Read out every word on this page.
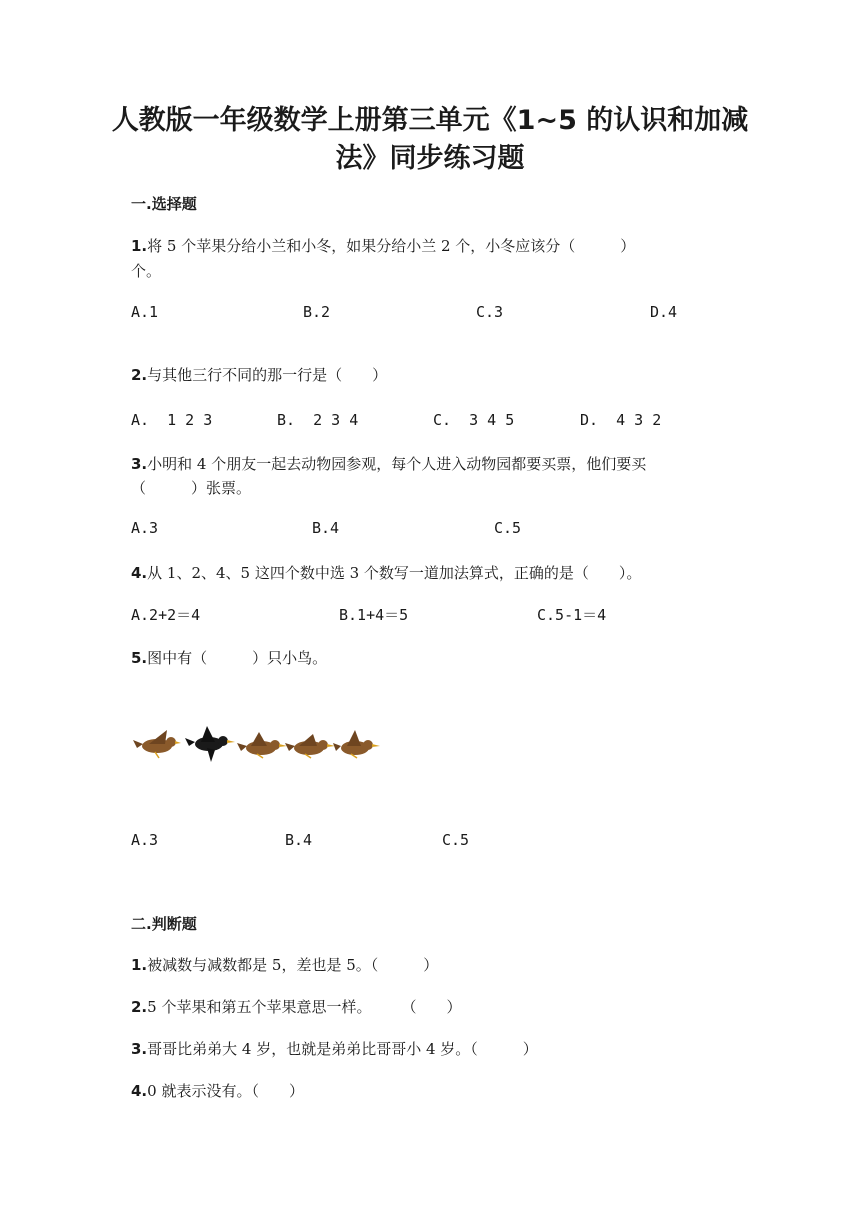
人教版一年级数学上册第三单元《1~5 的认识和加减
法》同步练习题
一.选择题
1.将 5 个苹果分给小兰和小冬，如果分给小兰 2 个，小冬应该分（　　　）
个。
A.1	B.2	C.3	D.4
2.与其他三行不同的那一行是（　　）
A.  1 2 3	B.  2 3 4	C.  3 4 5	D.  4 3 2
3.小明和 4 个朋友一起去动物园参观，每个人进入动物园都要买票，他们要买
（　　　）张票。
A.3	B.4	C.5
4.从 1、2、4、5 这四个数中选 3 个数写一道加法算式，正确的是（　　）。
A.2+2＝4	B.1+4＝5	C.5-1＝4
5.图中有（　　　）只小鸟。
A.3	B.4	C.5
二.判断题
1.被减数与减数都是 5，差也是 5。（　　　）
2.5 个苹果和第五个苹果意思一样。　　　（　　）
3.哥哥比弟弟大 4 岁，也就是弟弟比哥哥小 4 岁。（　　　）
4.0 就表示没有。（　　）
